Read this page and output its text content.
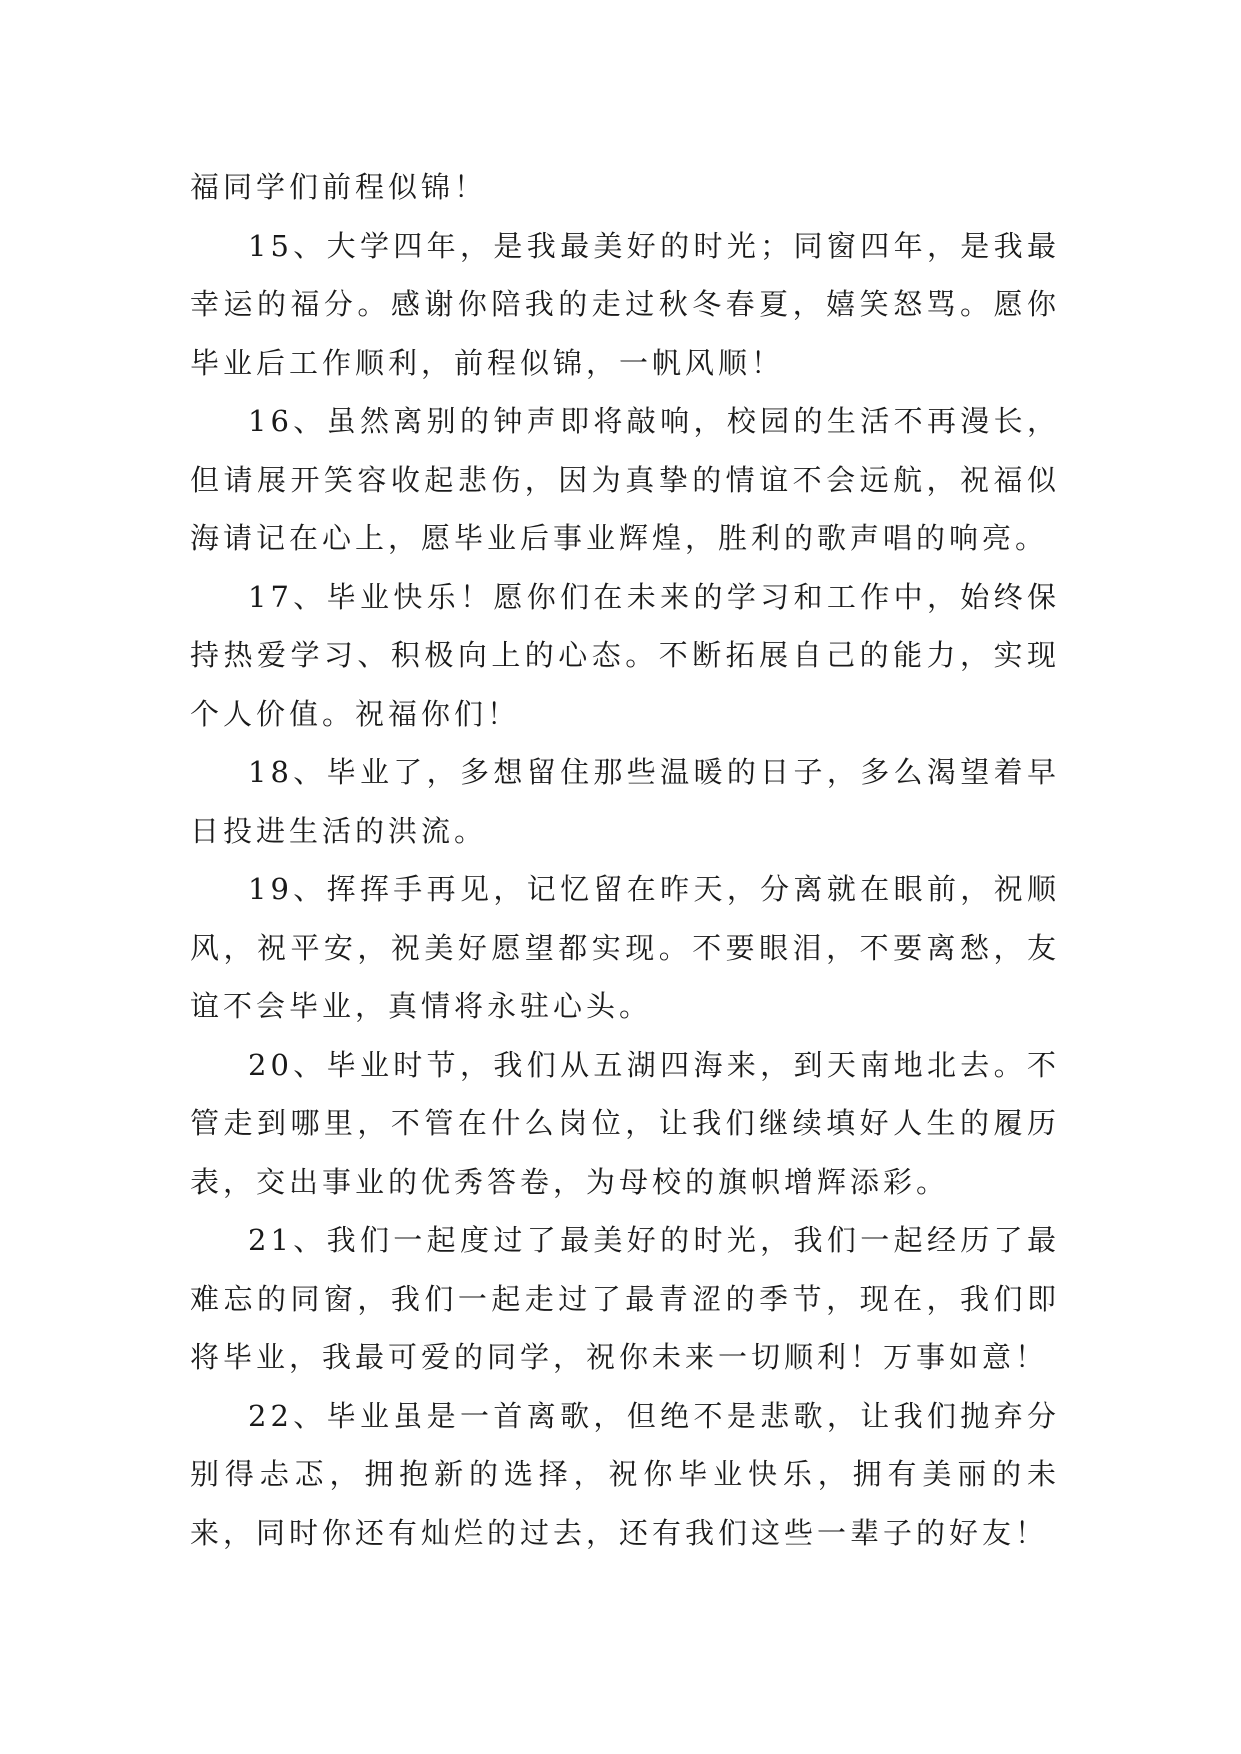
福同学们前程似锦！

15、大学四年，是我最美好的时光；同窗四年，是我最幸运的福分。感谢你陪我的走过秋冬春夏，嬉笑怒骂。愿你毕业后工作顺利，前程似锦，一帆风顺！

16、虽然离别的钟声即将敲响，校园的生活不再漫长，但请展开笑容收起悲伤，因为真挚的情谊不会远航，祝福似海请记在心上，愿毕业后事业辉煌，胜利的歌声唱的响亮。

17、毕业快乐！愿你们在未来的学习和工作中，始终保持热爱学习、积极向上的心态。不断拓展自己的能力，实现个人价值。祝福你们！

18、毕业了，多想留住那些温暖的日子，多么渴望着早日投进生活的洪流。

19、挥挥手再见，记忆留在昨天，分离就在眼前，祝顺风，祝平安，祝美好愿望都实现。不要眼泪，不要离愁，友谊不会毕业，真情将永驻心头。

20、毕业时节，我们从五湖四海来，到天南地北去。不管走到哪里，不管在什么岗位，让我们继续填好人生的履历表，交出事业的优秀答卷，为母校的旗帜增辉添彩。

21、我们一起度过了最美好的时光，我们一起经历了最难忘的同窗，我们一起走过了最青涩的季节，现在，我们即将毕业，我最可爱的同学，祝你未来一切顺利！万事如意！

22、毕业虽是一首离歌，但绝不是悲歌，让我们抛弃分别得忐忑，拥抱新的选择，祝你毕业快乐，拥有美丽的未来，同时你还有灿烂的过去，还有我们这些一辈子的好友！
